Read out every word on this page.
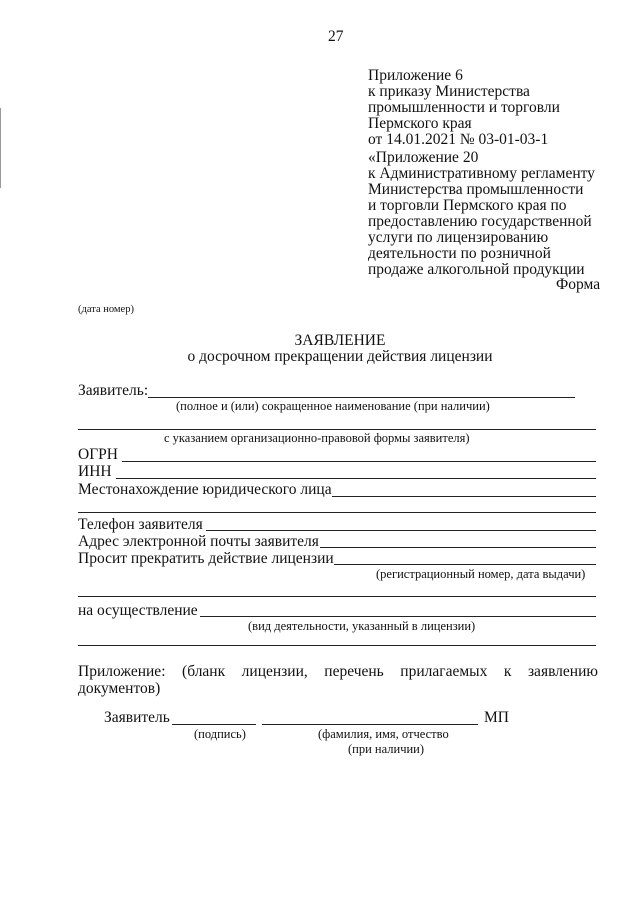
27

Приложение 6

к приказу Министерства

промышленности и торговли

Пермского края

от 14.01.2021 № 03-01-03-1

«Приложение 20

к Административному регламенту

Министерства промышленности

и торговли Пермского края по

предоставлению государственной

услуги по лицензированию

деятельности по розничной

продаже алкогольной продукции

Форма
(дата номер)
ЗАЯВЛЕНИЕ
о досрочном прекращении действия лицензии
Заявитель:
(полное и (или) сокращенное наименование (при наличии)
с указанием организационно-правовой формы заявителя)
ОГРН
ИНН
Местонахождение юридического лица
Телефон заявителя
Адрес электронной почты заявителя
Просит прекратить действие лицензии
(регистрационный номер, дата выдачи)
на осуществление
(вид деятельности, указанный в лицензии)
Приложение: (бланк лицензии, перечень прилагаемых к заявлению
документов)
Заявитель	МП
(подпись)	(фамилия, имя, отчество
(при наличии)
